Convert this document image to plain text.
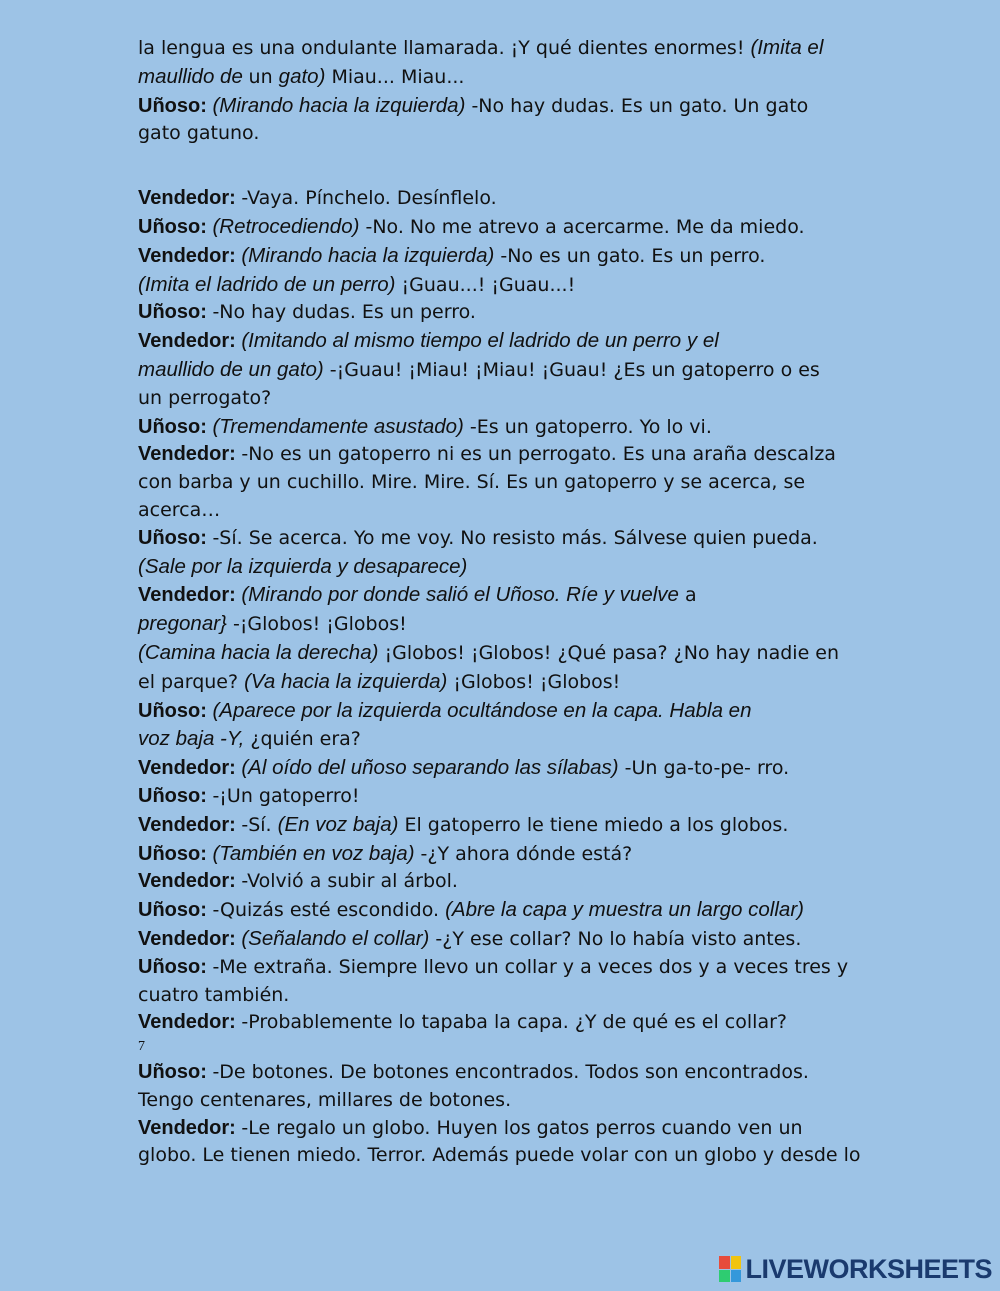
la lengua es una ondulante llamarada. ¡Y qué dientes enormes! (Imita el
maullido de un gato) Miau... Miau...
Uñoso: (Mirando hacia la izquierda) -No hay dudas. Es un gato. Un gato
gato gatuno.
Vendedor: -Vaya. Pínchelo. Desínflelo.
Uñoso: (Retrocediendo) -No. No me atrevo a acercarme. Me da miedo.
Vendedor: (Mirando hacia la izquierda) -No es un gato. Es un perro.
(Imita el ladrido de un perro) ¡Guau...! ¡Guau...!
Uñoso: -No hay dudas. Es un perro.
Vendedor: (Imitando al mismo tiempo el ladrido de un perro y el
maullido de un gato) -¡Guau! ¡Miau! ¡Miau! ¡Guau! ¿Es un gatoperro o es
un perrogato?
Uñoso: (Tremendamente asustado) -Es un gatoperro. Yo lo vi.
Vendedor: -No es un gatoperro ni es un perrogato. Es una araña descalza
con barba y un cuchillo. Mire. Mire. Sí. Es un gatoperro y se acerca, se
acerca…
Uñoso: -Sí. Se acerca. Yo me voy. No resisto más. Sálvese quien pueda.
(Sale por la izquierda y desaparece)
Vendedor: (Mirando por donde salió el Uñoso. Ríe y vuelve a
pregonar} -¡Globos! ¡Globos!
(Camina hacia la derecha) ¡Globos! ¡Globos! ¿Qué pasa? ¿No hay nadie en
el parque? (Va hacia la izquierda) ¡Globos! ¡Globos!
Uñoso: (Aparece por la izquierda ocultándose en la capa. Habla en
voz baja -Y, ¿quién era?
Vendedor: (Al oído del uñoso separando las sílabas) -Un ga-to-pe- rro.
Uñoso: -¡Un gatoperro!
Vendedor: -Sí. (En voz baja) El gatoperro le tiene miedo a los globos.
Uñoso: (También en voz baja) -¿Y ahora dónde está?
Vendedor: -Volvió a subir al árbol.
Uñoso: -Quizás esté escondido. (Abre la capa y muestra un largo collar)
Vendedor: (Señalando el collar) -¿Y ese collar? No lo había visto antes.
Uñoso: -Me extraña. Siempre llevo un collar y a veces dos y a veces tres y
cuatro también.
Vendedor: -Probablemente lo tapaba la capa. ¿Y de qué es el collar?
7
Uñoso: -De botones. De botones encontrados. Todos son encontrados.
Tengo centenares, millares de botones.
Vendedor: -Le regalo un globo. Huyen los gatos perros cuando ven un
globo. Le tienen miedo. Terror. Además puede volar con un globo y desde lo
LIVEWORKSHEETS
